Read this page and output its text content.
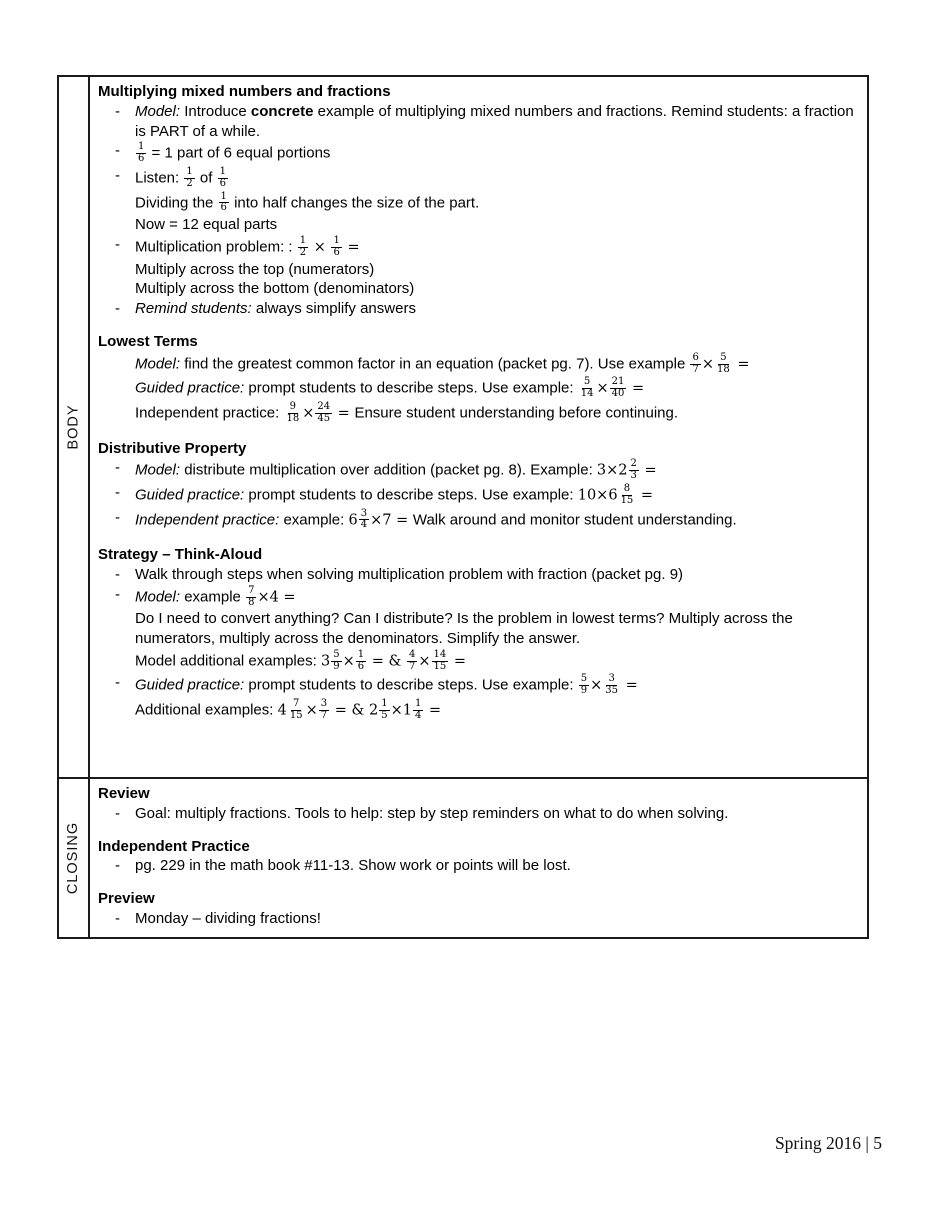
BODY
Multiplying mixed numbers and fractions
- Model: Introduce concrete example of multiplying mixed numbers and fractions. Remind students: a fraction is PART of a while.
- $\frac{1}{6} = 1$ part of 6 equal portions
- Listen: $\frac{1}{2}$ of $\frac{1}{6}$
Dividing the $\frac{1}{6}$ into half changes the size of the part.
Now = 12 equal parts
- Multiplication problem: : $\frac{1}{2} \times \frac{1}{6}$ =
Multiply across the top (numerators)
Multiply across the bottom (denominators)
- Remind students: always simplify answers
Lowest Terms
Model: find the greatest common factor in an equation (packet pg. 7). Use example $\frac{6}{7} \times \frac{5}{18}$ =
Guided practice: prompt students to describe steps. Use example: $\frac{5}{14} \times \frac{21}{40}$ =
Independent practice: $\frac{9}{18} \times \frac{24}{45}$ = Ensure student understanding before continuing.
Distributive Property
- Model: distribute multiplication over addition (packet pg. 8). Example: $3\times 2 \frac{2}{3}$ =
- Guided practice: prompt students to describe steps. Use example: $10\times 6 \frac{8}{15}$ =
- Independent practice: example: $6 \frac{3}{4} \times 7$ = Walk around and monitor student understanding.
Strategy – Think-Aloud
- Walk through steps when solving multiplication problem with fraction (packet pg. 9)
- Model: example $\frac{7}{8} \times 4$ =
Do I need to convert anything? Can I distribute? Is the problem in lowest terms? Multiply across the numerators, multiply across the denominators. Simplify the answer.
Model additional examples: $3 \frac{5}{9} \times \frac{1}{6}$ = & $\frac{4}{7} \times \frac{14}{15}$ =
- Guided practice: prompt students to describe steps. Use example: $\frac{5}{9} \times \frac{3}{35}$ =
Additional examples: $4 \frac{7}{15} \times \frac{3}{7}$ = & $2 \frac{1}{5} \times 1 \frac{1}{4}$ =
CLOSING
Review
- Goal: multiply fractions. Tools to help: step by step reminders on what to do when solving.
Independent Practice
- pg. 229 in the math book #11-13. Show work or points will be lost.
Preview
- Monday – dividing fractions!
Spring 2016 | 5
